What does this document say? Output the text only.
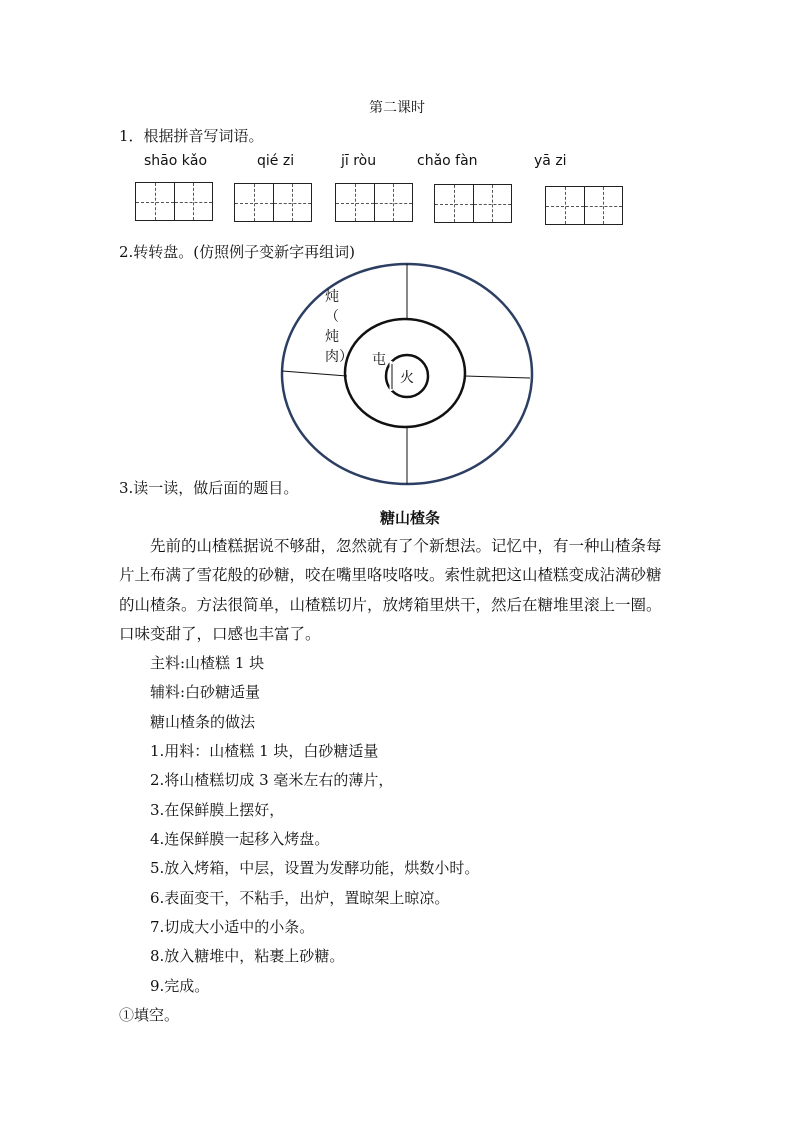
第二课时
1．根据拼音写词语。
shāo kǎo	qié zi	jī ròu	chǎo fàn	yā zi
2.转转盘。(仿照例子变新字再组词)
炖
（
炖
肉） 屯
火
3.读一读，做后面的题目。
糖山楂条
先前的山楂糕据说不够甜，忽然就有了个新想法。记忆中，有一种山楂条每
片上布满了雪花般的砂糖，咬在嘴里咯吱咯吱。索性就把这山楂糕变成沾满砂糖
的山楂条。方法很简单，山楂糕切片，放烤箱里烘干，然后在糖堆里滚上一圈。
口味变甜了，口感也丰富了。
主料:山楂糕 1 块
辅料:白砂糖适量
糖山楂条的做法
1.用料：山楂糕 1 块，白砂糖适量
2.将山楂糕切成 3 毫米左右的薄片，
3.在保鲜膜上摆好，
4.连保鲜膜一起移入烤盘。
5.放入烤箱，中层，设置为发酵功能，烘数小时。
6.表面变干，不粘手，出炉，置晾架上晾凉。
7.切成大小适中的小条。
8.放入糖堆中，粘裹上砂糖。
9.完成。
①填空。
